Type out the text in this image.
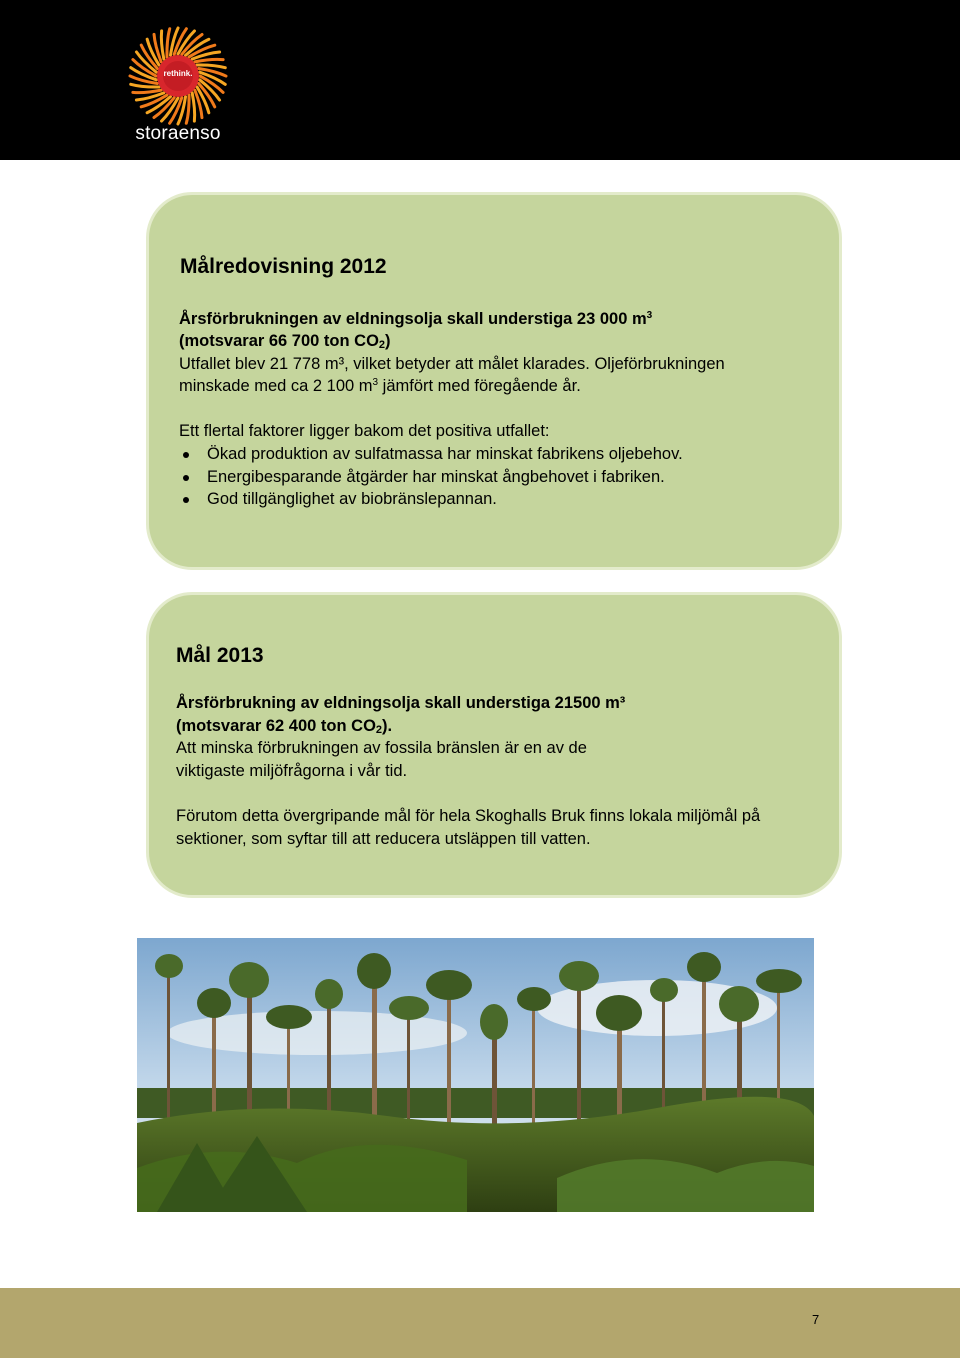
rethink.
storaenso
Målredovisning 2012
Årsförbrukningen av eldningsolja skall understiga 23 000 $m^3$
(motsvarar 66 700 ton $CO_2$)
Utfallet blev 21 778 m³, vilket betyder att målet klarades. Oljeförbrukningen
minskade med ca 2 100 $m^3$ jämfört med föregående år.
Ett flertal faktorer ligger bakom det positiva utfallet:
Ökad produktion av sulfatmassa har minskat fabrikens oljebehov.
Energibesparande åtgärder har minskat ångbehovet i fabriken.
God tillgänglighet av biobränslepannan.
Mål 2013
Årsförbrukning av eldningsolja skall understiga 21500 m³
(motsvarar 62 400 ton $CO_2$).
Att minska förbrukningen av fossila bränslen är en av de
viktigaste miljöfrågorna i vår tid.
Förutom detta övergripande mål för hela Skoghalls Bruk finns lokala miljömål på
sektioner, som syftar till att reducera utsläppen till vatten.
7
